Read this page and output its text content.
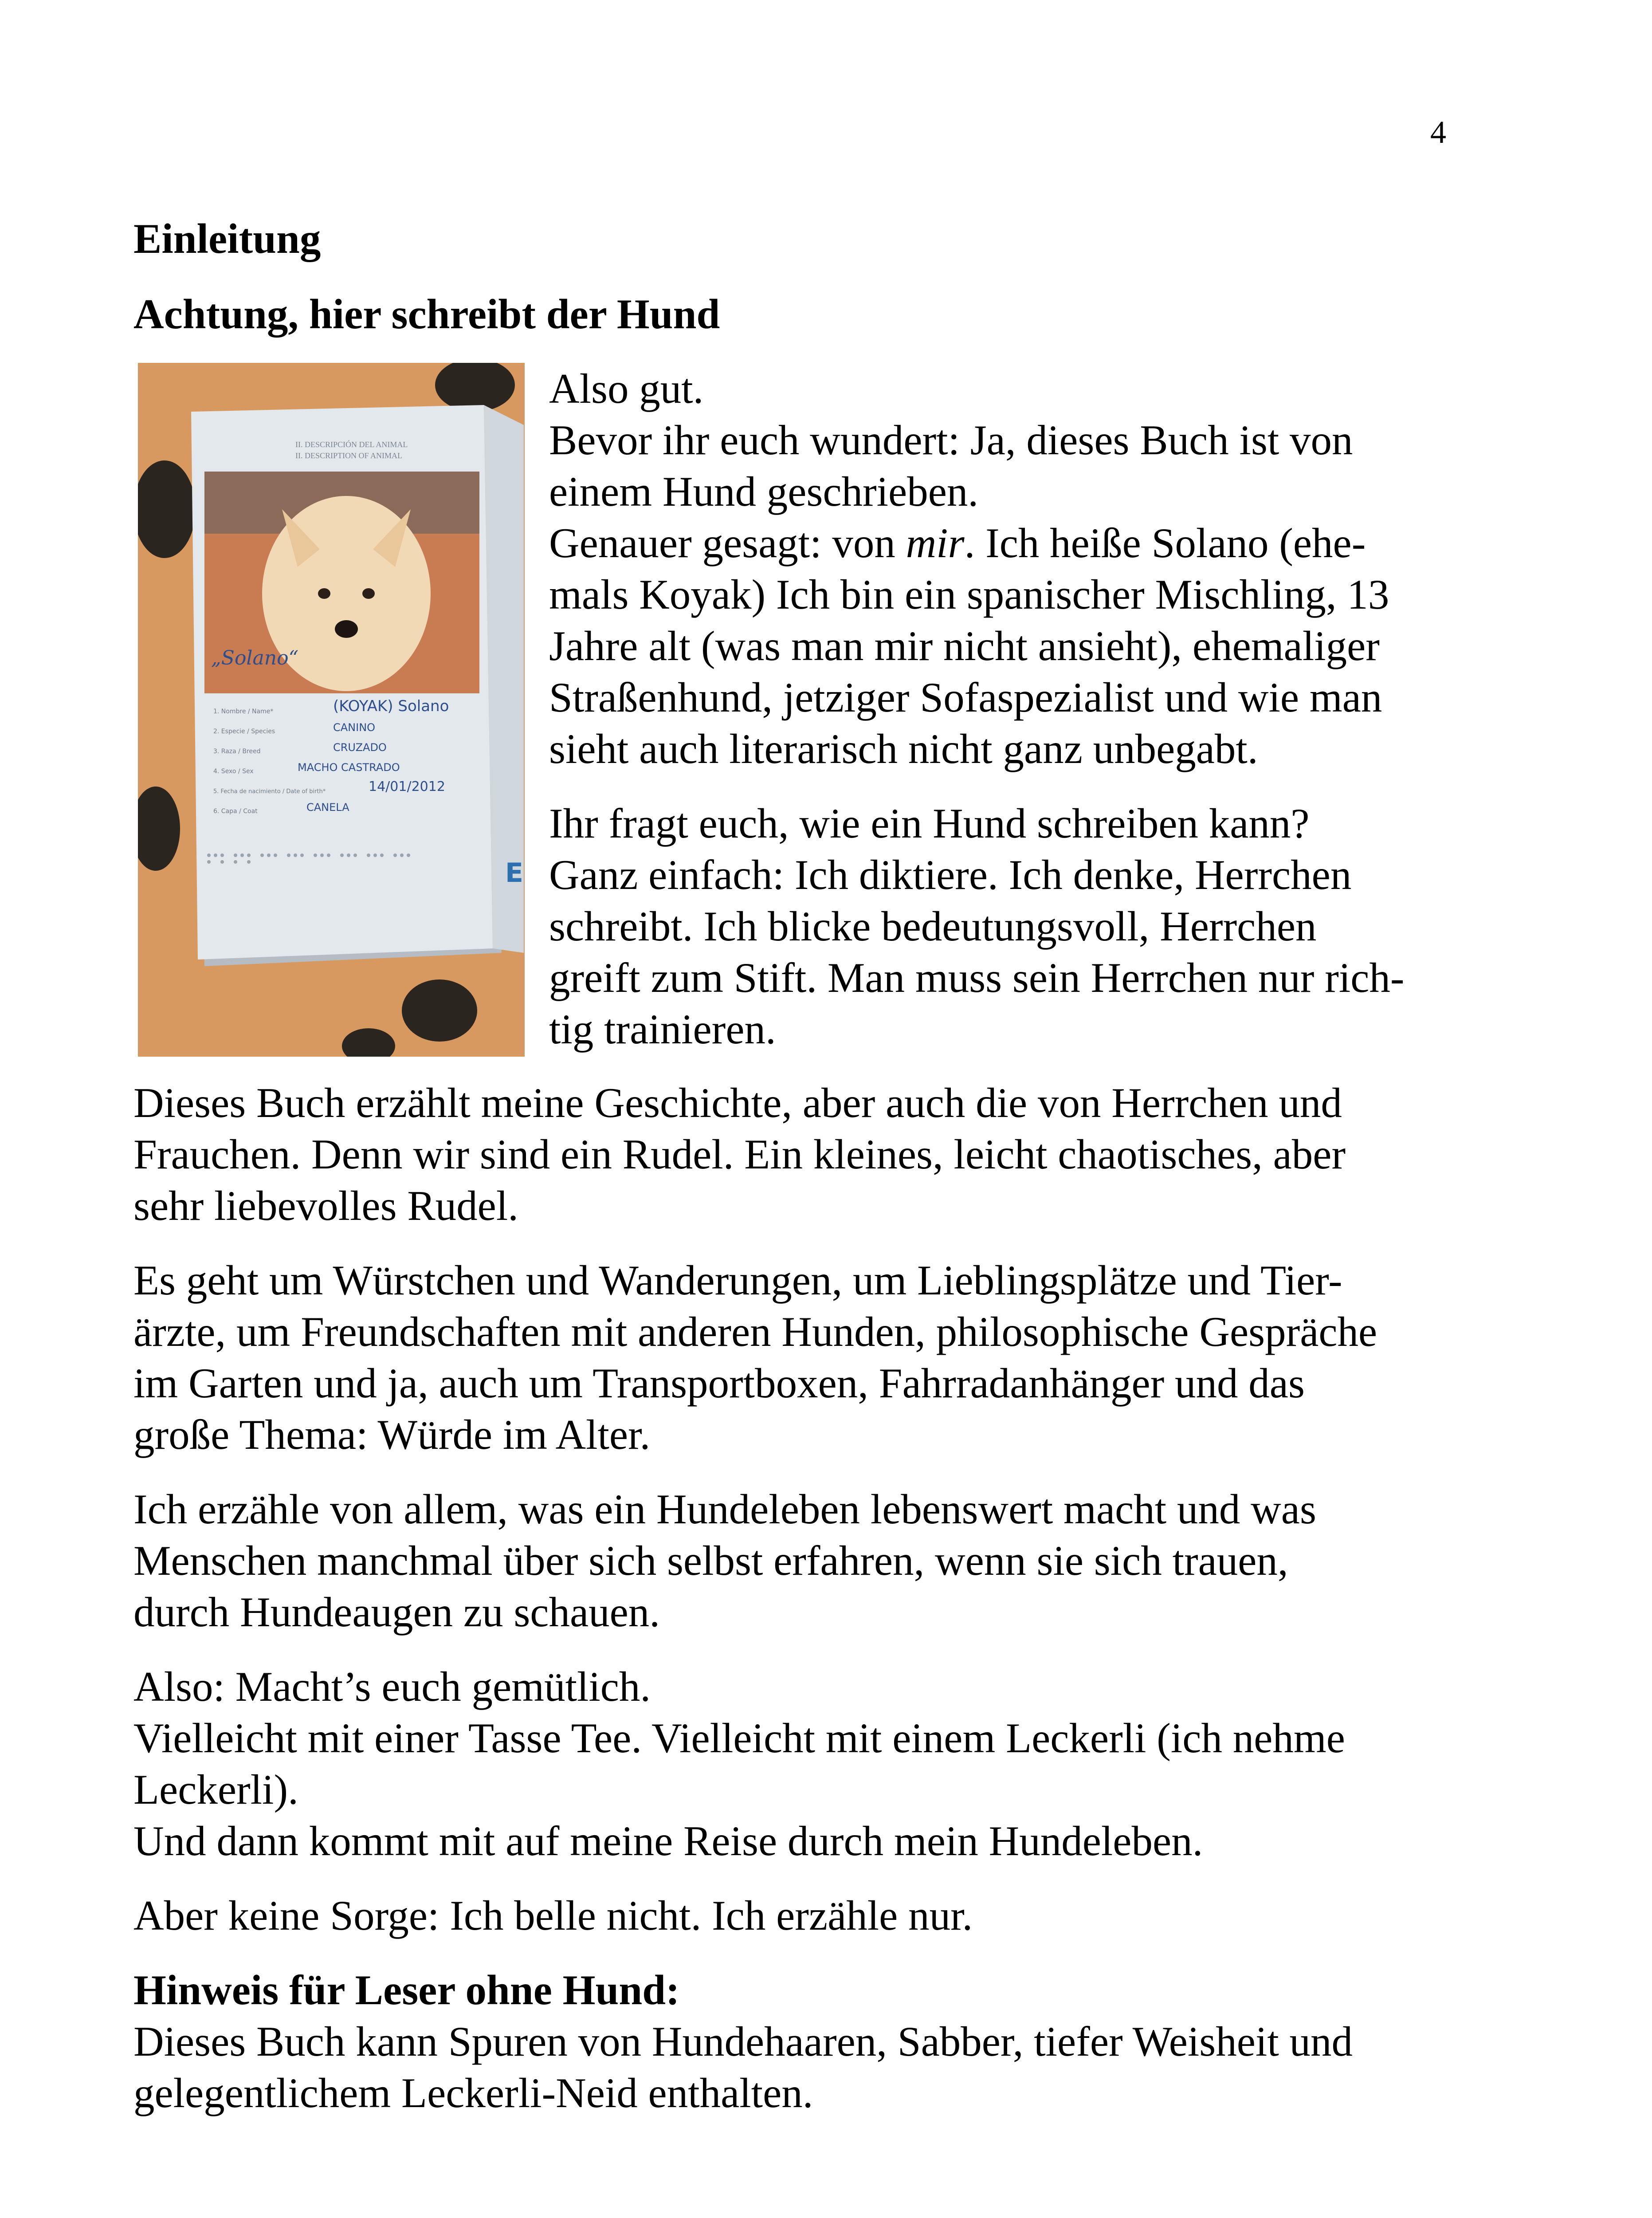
4
Einleitung
Achtung, hier schreibt der Hund
II. DESCRIPCIÓN DEL ANIMAL
II. DESCRIPTION OF ANIMAL
„Solano“
1. Nombre / Name*	(KOYAK) Solano
2. Especie / Species	CANINO
3. Raza / Breed	CRUZADO
4. Sexo / Sex	MACHO CASTRADO
5. Fecha de nacimiento / Date of birth*	14/01/2012
6. Capa / Coat	CANELA
E
Also gut.
Bevor ihr euch wundert: Ja, dieses Buch ist von
einem Hund geschrieben.
Genauer gesagt: von mir. Ich heiße Solano (ehe-
mals Koyak) Ich bin ein spanischer Mischling, 13
Jahre alt (was man mir nicht ansieht), ehemaliger
Straßenhund, jetziger Sofaspezialist und wie man
sieht auch literarisch nicht ganz unbegabt.
Ihr fragt euch, wie ein Hund schreiben kann?
Ganz einfach: Ich diktiere. Ich denke, Herrchen
schreibt. Ich blicke bedeutungsvoll, Herrchen
greift zum Stift. Man muss sein Herrchen nur rich-
tig trainieren.
Dieses Buch erzählt meine Geschichte, aber auch die von Herrchen und
Frauchen. Denn wir sind ein Rudel. Ein kleines, leicht chaotisches, aber
sehr liebevolles Rudel.
Es geht um Würstchen und Wanderungen, um Lieblingsplätze und Tier-
ärzte, um Freundschaften mit anderen Hunden, philosophische Gespräche
im Garten und ja, auch um Transportboxen, Fahrradanhänger und das
große Thema: Würde im Alter.
Ich erzähle von allem, was ein Hundeleben lebenswert macht und was
Menschen manchmal über sich selbst erfahren, wenn sie sich trauen,
durch Hundeaugen zu schauen.
Also: Macht’s euch gemütlich.
Vielleicht mit einer Tasse Tee. Vielleicht mit einem Leckerli (ich nehme
Leckerli).
Und dann kommt mit auf meine Reise durch mein Hundeleben.
Aber keine Sorge: Ich belle nicht. Ich erzähle nur.
Hinweis für Leser ohne Hund:
Dieses Buch kann Spuren von Hundehaaren, Sabber, tiefer Weisheit und
gelegentlichem Leckerli-Neid enthalten.
